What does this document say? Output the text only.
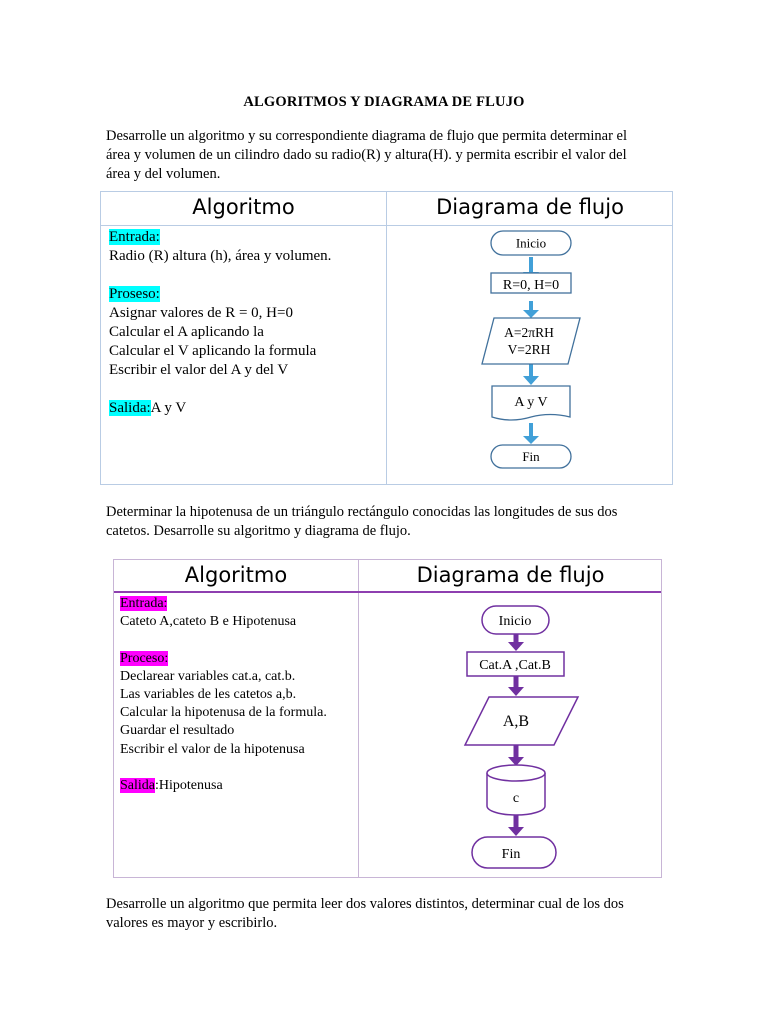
ALGORITMOS Y DIAGRAMA DE FLUJO
Desarrolle un algoritmo y su correspondiente diagrama de flujo que permita determinar el
área y volumen de un cilindro dado su radio(R) y altura(H). y permita escribir el valor del
área y del volumen.
Algoritmo	Diagrama de flujo
Entrada:
Radio (R) altura (h), área y volumen.
Proseso:
Asignar valores de R = 0, H=0
Calcular el A aplicando la
Calcular el V aplicando la formula
Escribir el valor del A y del V
Salida:A y V
Inicio
R=0, H=0
A=2πRH
V=2RH
A y V
Fin
Determinar la hipotenusa de un triángulo rectángulo conocidas las longitudes de sus dos
catetos. Desarrolle su algoritmo y diagrama de flujo.
Algoritmo	Diagrama de flujo
Entrada:
Cateto A,cateto B e Hipotenusa
Proceso:
Declarear variables cat.a, cat.b.
Las variables de les catetos a,b.
Calcular la hipotenusa de la formula.
Guardar el resultado
Escribir el valor de la hipotenusa
Salida:Hipotenusa
Inicio
Cat.A ,Cat.B
A,B
c
Fin
Desarrolle un algoritmo que permita leer dos valores distintos, determinar cual de los dos
valores es mayor y escribirlo.
